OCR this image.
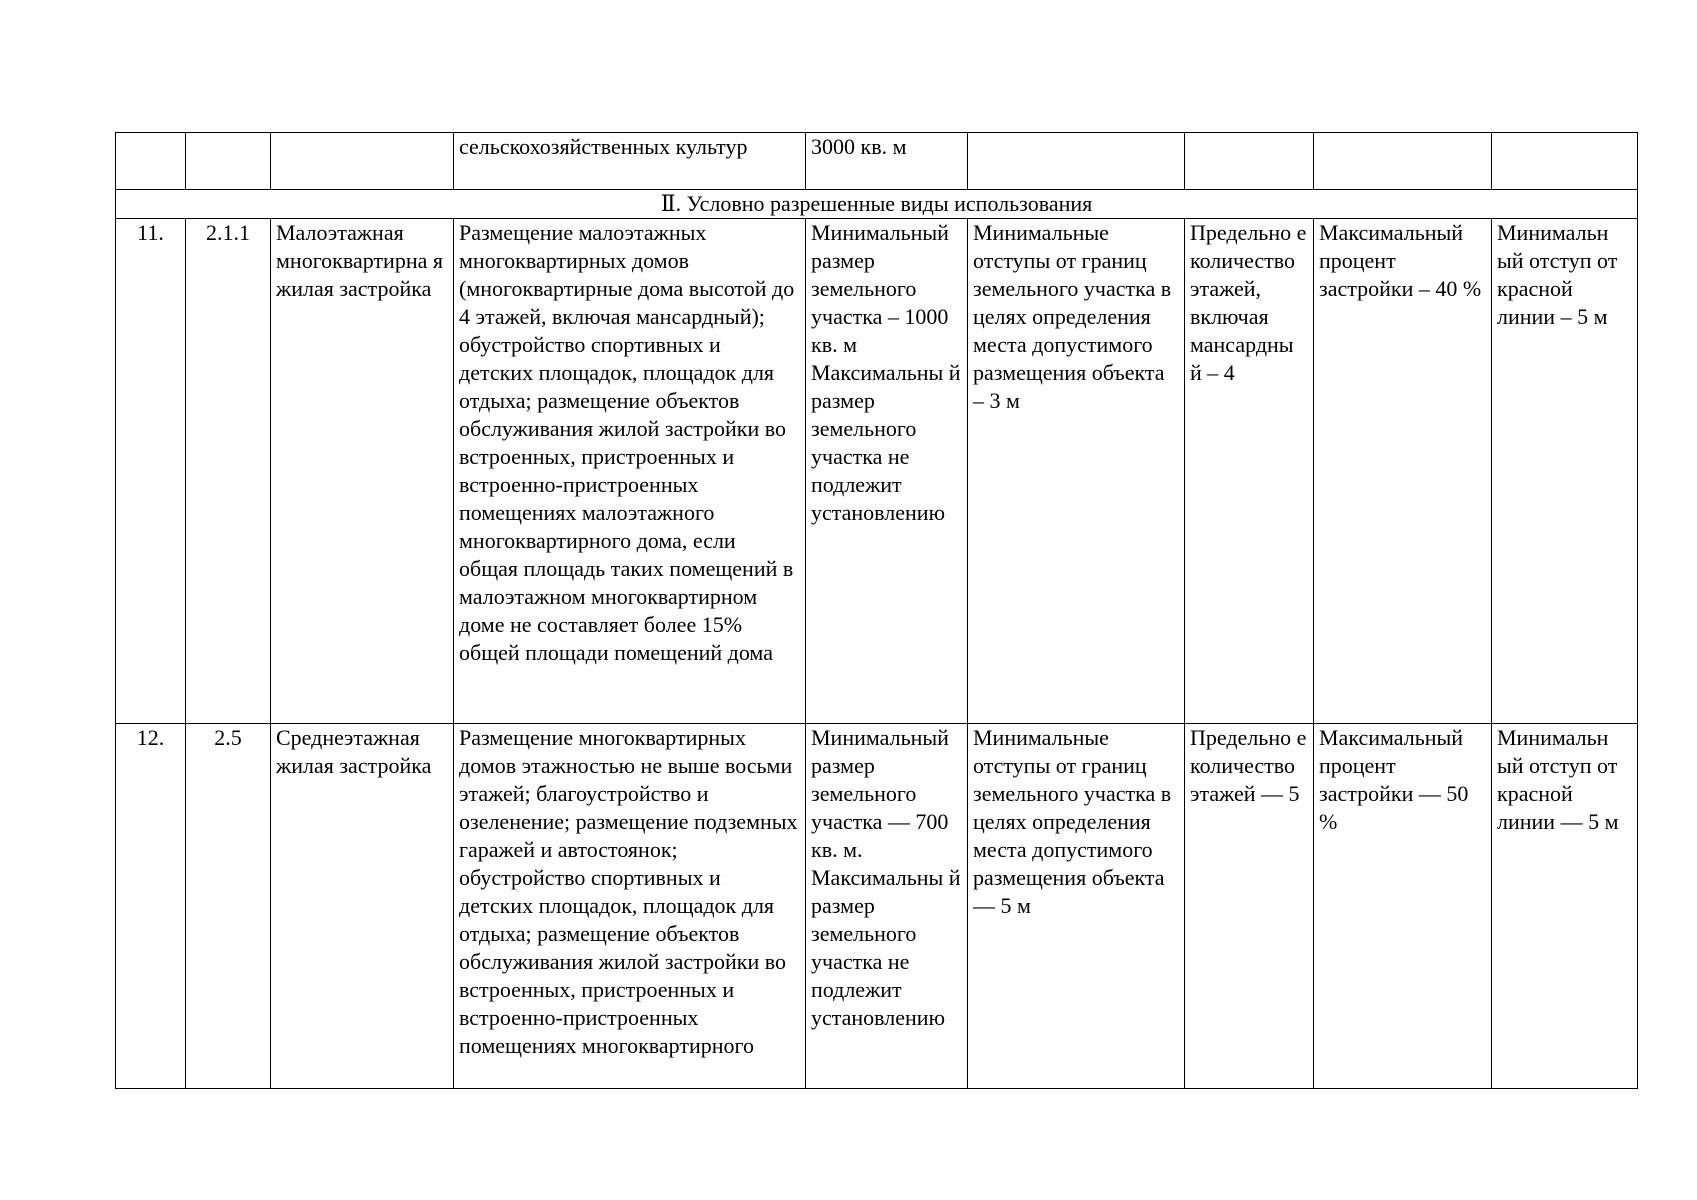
			сельскохозяйственных культур	3000 кв. м				
Ⅱ. Условно разрешенные виды использования								
11.	2.1.1	Малоэтажная многоквартирна я жилая застройка	Размещение малоэтажных многоквартирных домов (многоквартирные дома высотой до 4 этажей, включая мансардный); обустройство спортивных и детских площадок, площадок для отдыха; размещение объектов обслуживания жилой застройки во встроенных, пристроенных и встроенно-пристроенных помещениях малоэтажного многоквартирного дома, если общая площадь таких помещений в малоэтажном многоквартирном доме не составляет более 15% общей площади помещений дома	Минимальный размер земельного участка – 1000 кв. м Максимальны й размер земельного участка не подлежит установлению	Минимальные отступы от границ земельного участка в целях определения места допустимого размещения объекта – 3 м	Предельно е количество этажей, включая мансардны й – 4	Максимальный процент застройки – 40 %	Минимальн ый отступ от красной линии – 5 м

12.	2.5	Среднеэтажная жилая застройка	Размещение многоквартирных домов этажностью не выше восьми этажей; благоустройство и озеленение; размещение подземных гаражей и автостоянок; обустройство спортивных и детских площадок, площадок для отдыха; размещение объектов обслуживания жилой застройки во встроенных, пристроенных и встроенно-пристроенных помещениях многоквартирного	Минимальный размер земельного участка — 700 кв. м. Максимальны й размер земельного участка не подлежит установлению	Минимальные отступы от границ земельного участка в целях определения места допустимого размещения объекта — 5 м	Предельно е количество этажей — 5	Максимальный процент застройки — 50 %	Минимальн ый отступ от красной линии — 5 м
